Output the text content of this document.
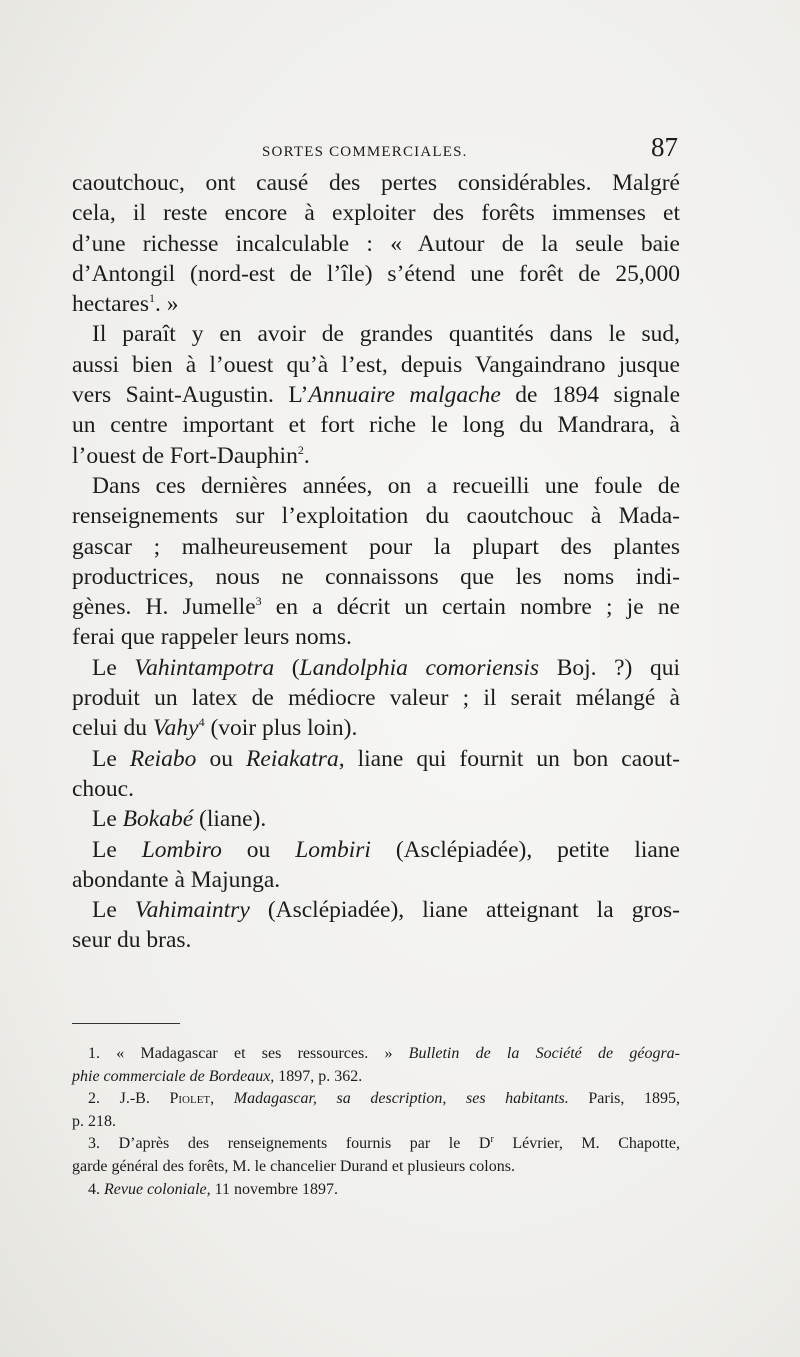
SORTES COMMERCIALES.	87
caoutchouc, ont causé des pertes considérables. Malgré
cela, il reste encore à exploiter des forêts immenses et
d’une richesse incalculable : « Autour de la seule baie
d’Antongil (nord-est de l’île) s’étend une forêt de 25,000
hectares$^1$. »
Il paraît y en avoir de grandes quantités dans le sud,
aussi bien à l’ouest qu’à l’est, depuis Vangaindrano jusque
vers Saint-Augustin. L’Annuaire malgache de 1894 signale
un centre important et fort riche le long du Mandrara, à
l’ouest de Fort-Dauphin$^2$.
Dans ces dernières années, on a recueilli une foule de
renseignements sur l’exploitation du caoutchouc à Mada-
gascar ; malheureusement pour la plupart des plantes
productrices, nous ne connaissons que les noms indi-
gènes. H. Jumelle$^3$ en a décrit un certain nombre ; je ne
ferai que rappeler leurs noms.
Le Vahintampotra (Landolphia comoriensis Boj. ?) qui
produit un latex de médiocre valeur ; il serait mélangé à
celui du Vahy$^4$ (voir plus loin).
Le Reiabo ou Reiakatra, liane qui fournit un bon caout-
chouc.
Le Bokabé (liane).
Le Lombiro ou Lombiri (Asclépiadée), petite liane
abondante à Majunga.
Le Vahimaintry (Asclépiadée), liane atteignant la gros-
seur du bras.
1. « Madagascar et ses ressources. » Bulletin de la Société de géogra-
phie commerciale de Bordeaux, 1897, p. 362.
2. J.-B. Piolet, Madagascar, sa description, ses habitants. Paris, 1895,
p. 218.
3. D’après des renseignements fournis par le $D^r$ Lévrier, M. Chapotte,
garde général des forêts, M. le chancelier Durand et plusieurs colons.
4. Revue coloniale, 11 novembre 1897.
